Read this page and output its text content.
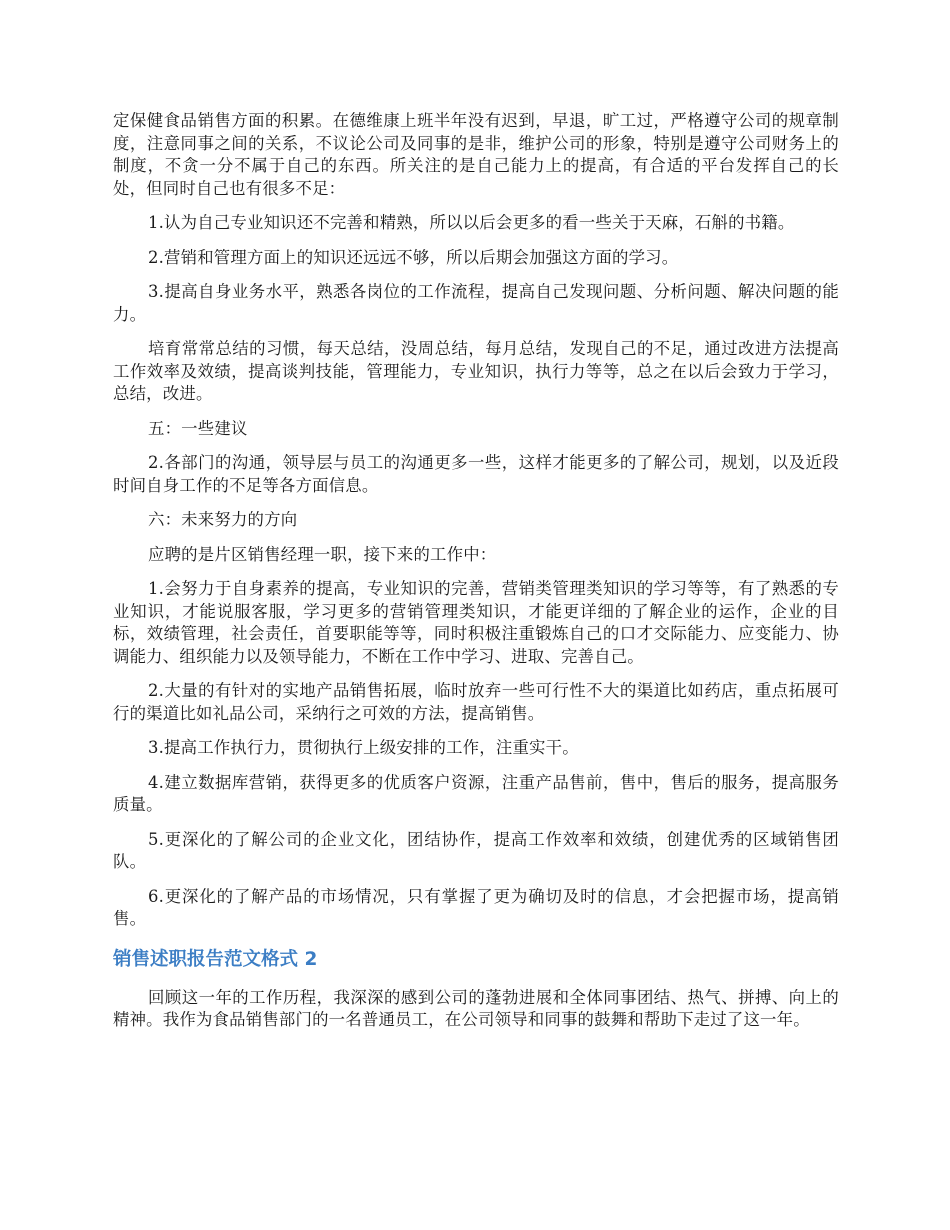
定保健食品销售方面的积累。在德维康上班半年没有迟到，早退，旷工过，严格遵守公司的规章制度，注意同事之间的关系，不议论公司及同事的是非，维护公司的形象，特别是遵守公司财务上的制度，不贪一分不属于自己的东西。所关注的是自己能力上的提高，有合适的平台发挥自己的长处，但同时自己也有很多不足：

1.认为自己专业知识还不完善和精熟，所以以后会更多的看一些关于天麻，石斛的书籍。

2.营销和管理方面上的知识还远远不够，所以后期会加强这方面的学习。

3.提高自身业务水平，熟悉各岗位的工作流程，提高自己发现问题、分析问题、解决问题的能力。

培育常常总结的习惯，每天总结，没周总结，每月总结，发现自己的不足，通过改进方法提高工作效率及效绩，提高谈判技能，管理能力，专业知识，执行力等等，总之在以后会致力于学习，总结，改进。

五：一些建议

2.各部门的沟通，领导层与员工的沟通更多一些，这样才能更多的了解公司，规划，以及近段时间自身工作的不足等各方面信息。

六：未来努力的方向

应聘的是片区销售经理一职，接下来的工作中：

1.会努力于自身素养的提高，专业知识的完善，营销类管理类知识的学习等等，有了熟悉的专业知识，才能说服客服，学习更多的营销管理类知识，才能更详细的了解企业的运作，企业的目标，效绩管理，社会责任，首要职能等等，同时积极注重锻炼自己的口才交际能力、应变能力、协调能力、组织能力以及领导能力，不断在工作中学习、进取、完善自己。

2.大量的有针对的实地产品销售拓展，临时放弃一些可行性不大的渠道比如药店，重点拓展可行的渠道比如礼品公司，采纳行之可效的方法，提高销售。

3.提高工作执行力，贯彻执行上级安排的工作，注重实干。

4.建立数据库营销，获得更多的优质客户资源，注重产品售前，售中，售后的服务，提高服务质量。

5.更深化的了解公司的企业文化，团结协作，提高工作效率和效绩，创建优秀的区域销售团队。

6.更深化的了解产品的市场情况，只有掌握了更为确切及时的信息，才会把握市场，提高销售。

销售述职报告范文格式 2

回顾这一年的工作历程，我深深的感到公司的蓬勃进展和全体同事团结、热气、拼搏、向上的精神。我作为食品销售部门的一名普通员工，在公司领导和同事的鼓舞和帮助下走过了这一年。
